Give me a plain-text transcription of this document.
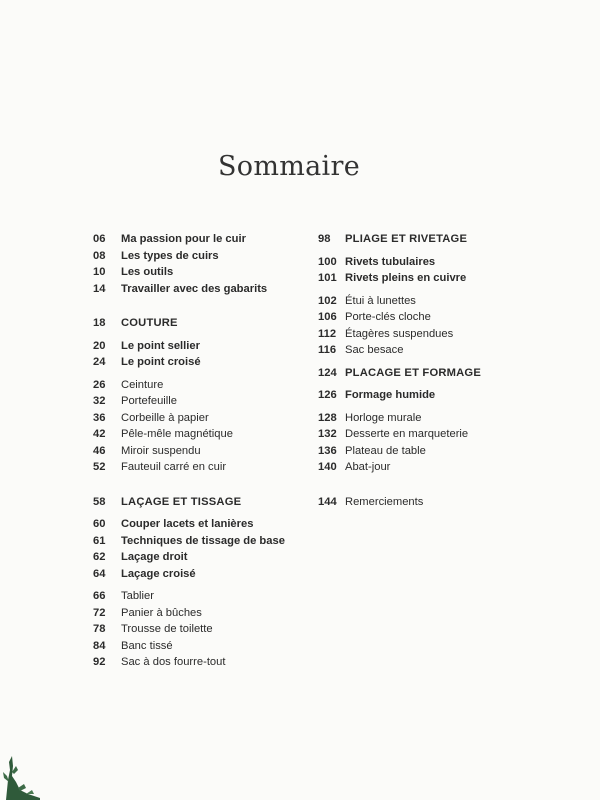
Sommaire
06 Ma passion pour le cuir
08 Les types de cuirs
10 Les outils
14 Travailler avec des gabarits
18 COUTURE
20 Le point sellier
24 Le point croisé
26 Ceinture
32 Portefeuille
36 Corbeille à papier
42 Pêle-mêle magnétique
46 Miroir suspendu
52 Fauteuil carré en cuir
58 LAÇAGE ET TISSAGE
60 Couper lacets et lanières
61 Techniques de tissage de base
62 Laçage droit
64 Laçage croisé
66 Tablier
72 Panier à bûches
78 Trousse de toilette
84 Banc tissé
92 Sac à dos fourre-tout
98 PLIAGE ET RIVETAGE
100 Rivets tubulaires
101 Rivets pleins en cuivre
102 Étui à lunettes
106 Porte-clés cloche
112 Étagères suspendues
116 Sac besace
124 PLACAGE ET FORMAGE
126 Formage humide
128 Horloge murale
132 Desserte en marqueterie
136 Plateau de table
140 Abat-jour
144 Remerciements
